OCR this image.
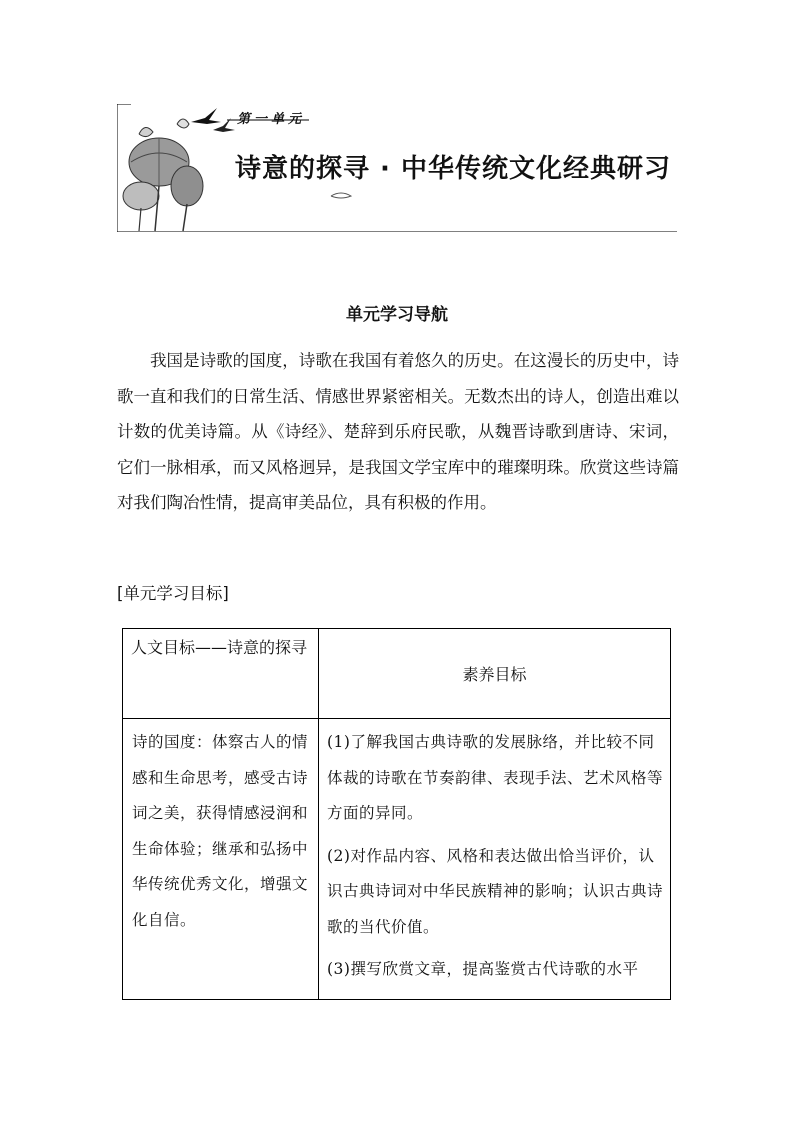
第一单元
诗意的探寻 · 中华传统文化经典研习
单元学习导航

我国是诗歌的国度，诗歌在我国有着悠久的历史。在这漫长的历史中，诗歌一直和我们的日常生活、情感世界紧密相关。无数杰出的诗人，创造出难以计数的优美诗篇。从《诗经》、楚辞到乐府民歌，从魏晋诗歌到唐诗、宋词，它们一脉相承，而又风格迥异，是我国文学宝库中的璀璨明珠。欣赏这些诗篇对我们陶冶性情，提高审美品位，具有积极的作用。

[单元学习目标]
人文目标——诗意的探寻	素养目标
诗的国度：体察古人的情感和生命思考，感受古诗词之美，获得情感浸润和生命体验；继承和弘扬中华传统优秀文化，增强文化自信。	(1)了解我国古典诗歌的发展脉络，并比较不同体裁的诗歌在节奏韵律、表现手法、艺术风格等方面的异同。

(2)对作品内容、风格和表达做出恰当评价，认识古典诗词对中华民族精神的影响；认识古典诗歌的当代价值。

(3)撰写欣赏文章，提高鉴赏古代诗歌的水平
